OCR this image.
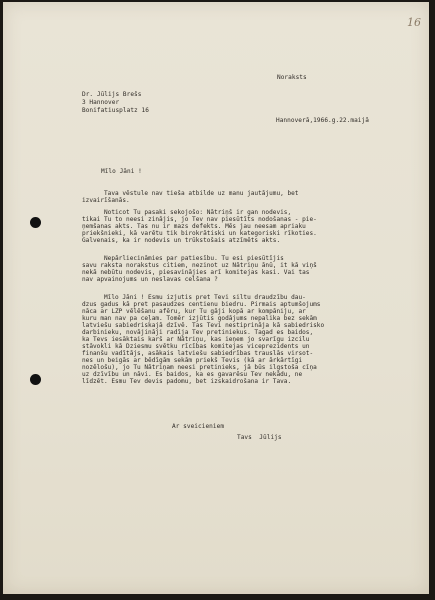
16
Noraksts
Dr. Jūlijs Brešs
3 Hannover
Bonifatiusplatz 16
Hannoverā,1966.g.22.maijā
Mīlo Jāni !
Tava vēstule nav tieša atbilde uz manu jautājumu, bet
izvairīšanās.
Noticot Tu pasaki sekojošo: Nātriņš ir gan nodevis,
tikai Tu to neesi zinājis, jo Tev nav piesūtīts nodošanas - pie-
ņemšanas akts. Tas nu ir mazs defekts. Mēs jau neesam apriaku
priekšnieki, kā varētu tik birokrātiski un kategoriski rīkoties.
Galvenais, ka ir nodevis un trūkstošais atzīmēts akts.
Nepārliecināmies par patiesību. Tu esi piesūtījis
savu raksta norakstus citiem, nezinot uz Nātriņu ānū, it kā viņš
nekā nebūtu nodevis, piesavinājies arī komitejas kasi. Vai tas
nav apvainojums un neslavas celšana ?
Mīlo Jāni ! Esmu izjutis pret Tevi siltu draudzību dau-
dzus gadus kā pret pasaudzes centienu biedru. Pirmais aptumšojums
nāca ar LZP vēlēšanu afēru, kur Tu gāji kopā ar kompāniju, ar
kuru man nav pa ceļam. Tomēr izjūtis godājums nepalika bez sekām
latviešu sabiedriskajā dzīvē. Tas Tevi nestiprināja kā sabiedrisko
darbinieku, novājināji radīja Tev pretiniekus. Tagad es baidos,
ka Tevs iesāktais karš ar Nātriņu, kas ieņem jo svarīgu izcilu
stāvokli kā Dziesmu svētku rīcības komitejas viceprezidents un
finanšu vadītājs, asākais latviešu sabiedrības trauslās virsot-
nes un beigās ar bēdīgām sekām priekš Tevis (kā ar ārkārtīgi
nozēlošu), jo Tu Nātriņam neesi pretinieks, jā būs ilgstoša cīņa
uz dzīvību un nāvi. Es baidos, ka es gavarēsu Tev nekādu, ne
līdzēt. Esmu Tev devis padomu, bet izskaidrošana ir Tava.
Ar sveicieniem
Tavs  Jūlijs
